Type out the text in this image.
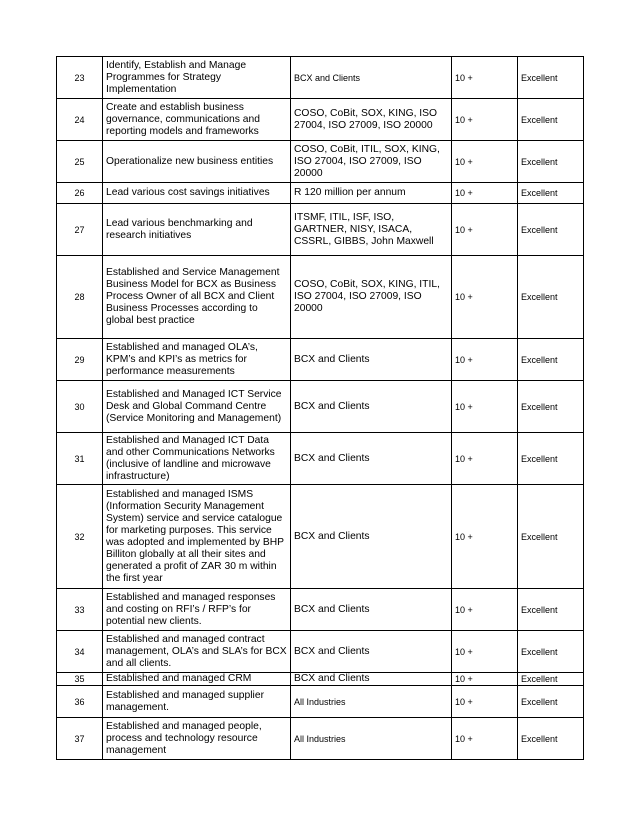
23	Identify, Establish and Manage Programmes for Strategy Implementation	BCX and Clients	10 +	Excellent
24	Create and establish business governance, communications and reporting models and frameworks	COSO, CoBit, SOX, KING, ISO 27004, ISO 27009, ISO 20000	10 +	Excellent
25	Operationalize new business entities	COSO, CoBit, ITIL, SOX, KING, ISO 27004, ISO 27009, ISO 20000	10 +	Excellent
26	Lead various cost savings initiatives	R 120 million per annum	10 +	Excellent
27	Lead various benchmarking and research initiatives	ITSMF, ITIL, ISF, ISO, GARTNER, NISY, ISACA, CSSRL, GIBBS, John Maxwell	10 +	Excellent
28	Established and Service Management Business Model for BCX as Business Process Owner of all BCX and Client Business Processes according to global best practice	COSO, CoBit, SOX, KING, ITIL, ISO 27004, ISO 27009, ISO 20000	10 +	Excellent
29	Established and managed OLA’s, KPM’s and KPI’s as metrics for performance measurements	BCX and Clients	10 +	Excellent
30	Established and Managed ICT Service Desk and Global Command Centre (Service Monitoring and Management)	BCX and Clients	10 +	Excellent
31	Established and Managed ICT Data and other Communications Networks (inclusive of landline and microwave infrastructure)	BCX and Clients	10 +	Excellent
32	Established and managed ISMS (Information Security Management System) service and service catalogue for marketing purposes. This service was adopted and implemented by BHP Billiton globally at all their sites and generated a profit of ZAR 30 m within the first year	BCX and Clients	10 +	Excellent
33	Established and managed responses and costing on RFI’s / RFP’s for potential new clients.	BCX and Clients	10 +	Excellent
34	Established and managed contract management, OLA’s and SLA’s for BCX and all clients.	BCX and Clients	10 +	Excellent
35	Established and managed CRM	BCX and Clients	10 +	Excellent
36	Established and managed supplier management.	All Industries	10 +	Excellent
37	Established and managed people, process and technology resource management	All Industries	10 +	Excellent
